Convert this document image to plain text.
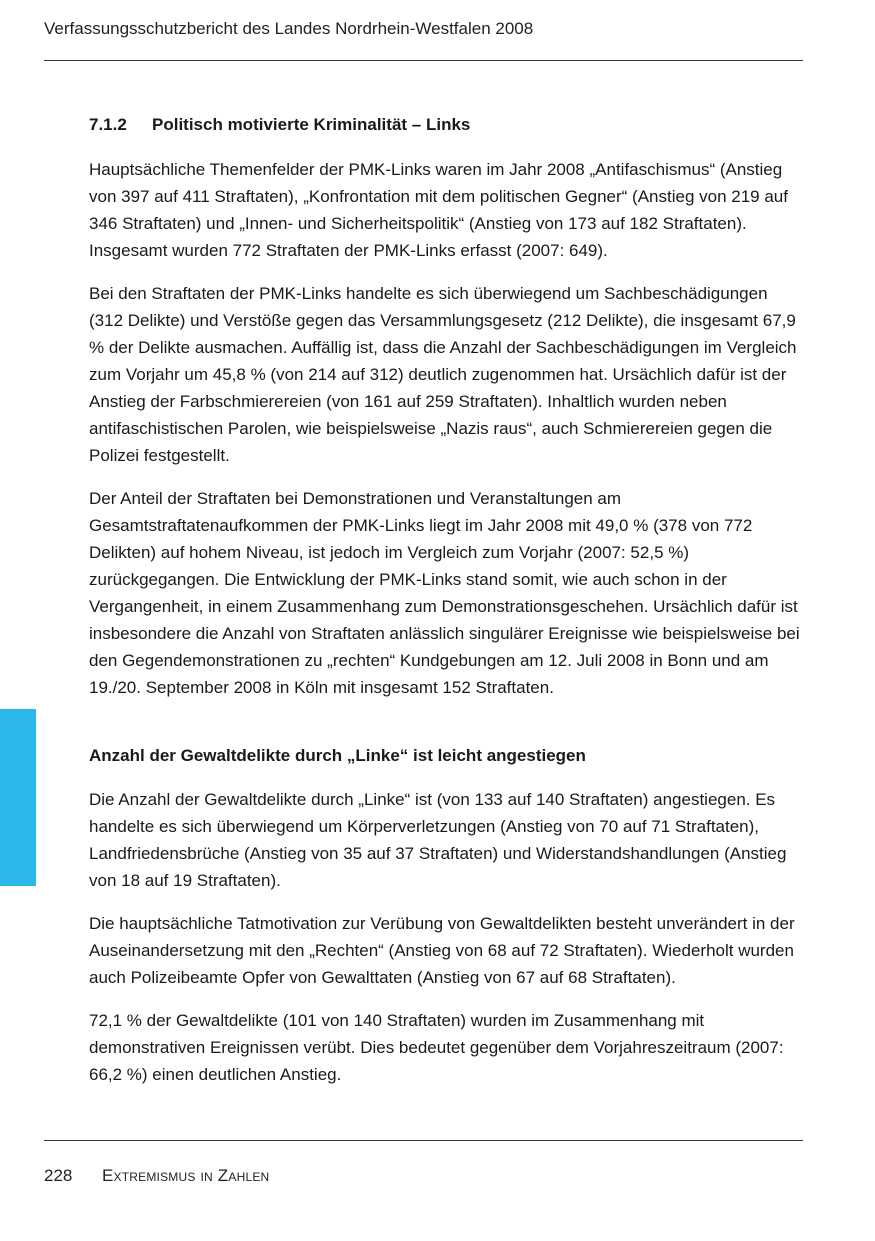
Verfassungsschutzbericht des Landes Nordrhein-Westfalen 2008
7.1.2 Politisch motivierte Kriminalität – Links

Hauptsächliche Themenfelder der PMK-Links waren im Jahr 2008 „Antifaschismus“ (Anstieg von 397 auf 411 Straftaten), „Konfrontation mit dem politischen Gegner“ (Anstieg von 219 auf 346 Straftaten) und „Innen- und Sicherheitspolitik“ (Anstieg von 173 auf 182 Straftaten). Insgesamt wurden 772 Straftaten der PMK-Links erfasst (2007: 649).

Bei den Straftaten der PMK-Links handelte es sich überwiegend um Sachbeschädigungen (312 Delikte) und Verstöße gegen das Versammlungsgesetz (212 Delikte), die insgesamt 67,9 % der Delikte ausmachen. Auffällig ist, dass die Anzahl der Sachbeschädigungen im Vergleich zum Vorjahr um 45,8 % (von 214 auf 312) deutlich zugenommen hat. Ursächlich dafür ist der Anstieg der Farbschmierereien (von 161 auf 259 Straftaten). Inhaltlich wurden neben antifaschistischen Parolen, wie beispielsweise „Nazis raus“, auch Schmierereien gegen die Polizei festgestellt.

Der Anteil der Straftaten bei Demonstrationen und Veranstaltungen am Gesamtstraftatenaufkommen der PMK-Links liegt im Jahr 2008 mit 49,0 % (378 von 772 Delikten) auf hohem Niveau, ist jedoch im Vergleich zum Vorjahr (2007: 52,5 %) zurückgegangen. Die Entwicklung der PMK-Links stand somit, wie auch schon in der Vergangenheit, in einem Zusammenhang zum Demonstrationsgeschehen. Ursächlich dafür ist insbesondere die Anzahl von Straftaten anlässlich singulärer Ereignisse wie beispielsweise bei den Gegendemonstrationen zu „rechten“ Kundgebungen am 12. Juli 2008 in Bonn und am 19./20. September 2008 in Köln mit insgesamt 152 Straftaten.

Anzahl der Gewaltdelikte durch „Linke“ ist leicht angestiegen

Die Anzahl der Gewaltdelikte durch „Linke“ ist (von 133 auf 140 Straftaten) angestiegen. Es handelte es sich überwiegend um Körperverletzungen (Anstieg von 70 auf 71 Straftaten), Landfriedensbrüche (Anstieg von 35 auf 37 Straftaten) und Widerstandshandlungen (Anstieg von 18 auf 19 Straftaten).

Die hauptsächliche Tatmotivation zur Verübung von Gewaltdelikten besteht unverändert in der Auseinandersetzung mit den „Rechten“ (Anstieg von 68 auf 72 Straftaten). Wiederholt wurden auch Polizeibeamte Opfer von Gewalttaten (Anstieg von 67 auf 68 Straftaten).

72,1 % der Gewaltdelikte (101 von 140 Straftaten) wurden im Zusammenhang mit demonstrativen Ereignissen verübt. Dies bedeutet gegenüber dem Vorjahreszeitraum (2007: 66,2 %) einen deutlichen Anstieg.

228 Extremismus in Zahlen
